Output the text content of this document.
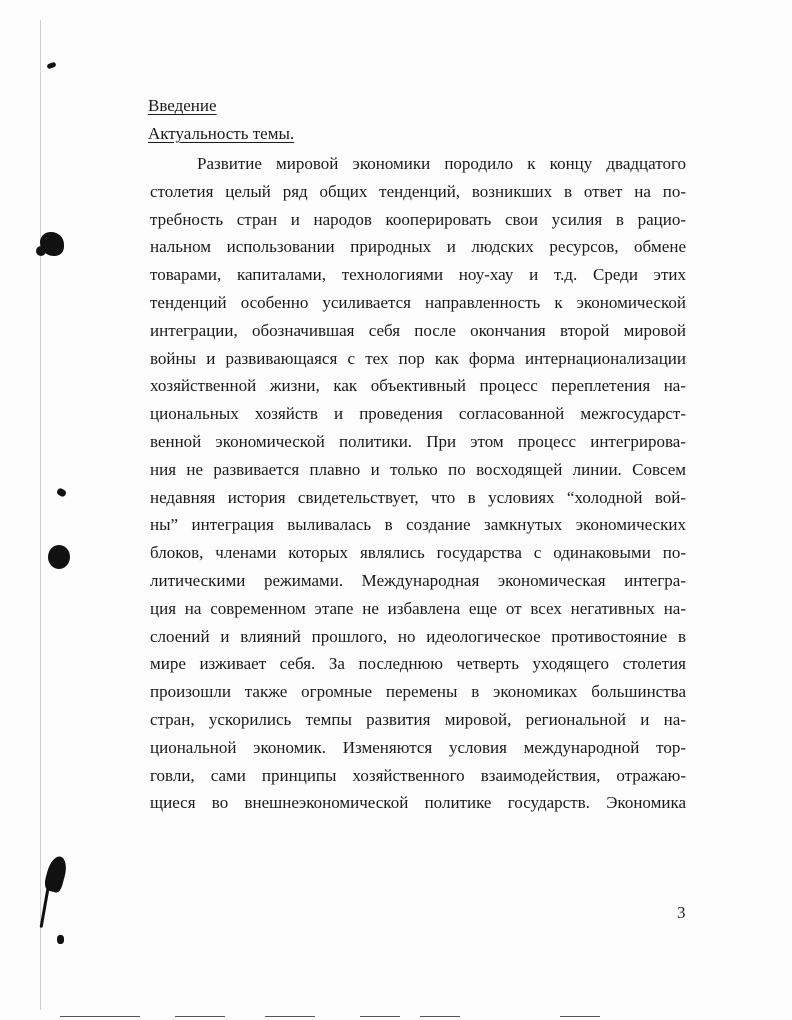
Введение
Актуальность темы.
Развитие мировой экономики породило к концу двадцатого
столетия целый ряд общих тенденций, возникших в ответ на по-
требность стран и народов кооперировать свои усилия в рацио-
нальном использовании природных и людских ресурсов, обмене
товарами, капиталами, технологиями ноу-хау и т.д. Среди этих
тенденций особенно усиливается направленность к экономической
интеграции, обозначившая себя после окончания второй мировой
войны и развивающаяся с тех пор как форма интернационализации
хозяйственной жизни, как объективный процесс переплетения на-
циональных хозяйств и проведения согласованной межгосударст-
венной экономической политики. При этом процесс интегрирова-
ния не развивается плавно и только по восходящей линии. Совсем
недавняя история свидетельствует, что в условиях “холодной вой-
ны” интеграция выливалась в создание замкнутых экономических
блоков, членами которых являлись государства с одинаковыми по-
литическими режимами. Международная экономическая интегра-
ция на современном этапе не избавлена еще от всех негативных на-
слоений и влияний прошлого, но идеологическое противостояние в
мире изживает себя. За последнюю четверть уходящего столетия
произошли также огромные перемены в экономиках большинства
стран, ускорились темпы развития мировой, региональной и на-
циональной экономик. Изменяются условия международной тор-
говли, сами принципы хозяйственного взаимодействия, отражаю-
щиеся во внешнеэкономической политике государств. Экономика
3
